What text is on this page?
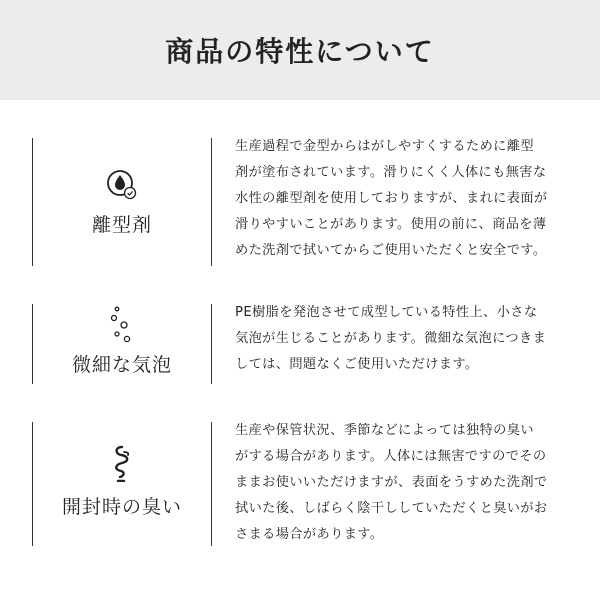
商品の特性について
離型剤
生産過程で金型からはがしやすくするために離型
剤が塗布されています。滑りにくく人体にも無害な
水性の離型剤を使用しておりますが、まれに表面が
滑りやすいことがあります。使用の前に、商品を薄
めた洗剤で拭いてからご使用いただくと安全です。
微細な気泡
PE樹脂を発泡させて成型している特性上、小さな
気泡が生じることがあります。微細な気泡につきま
しては、問題なくご使用いただけます。
開封時の臭い
生産や保管状況、季節などによっては独特の臭い
がする場合があります。人体には無害ですのでその
ままお使いいただけますが、表面をうすめた洗剤で
拭いた後、しばらく陰干ししていただくと臭いがお
さまる場合があります。
